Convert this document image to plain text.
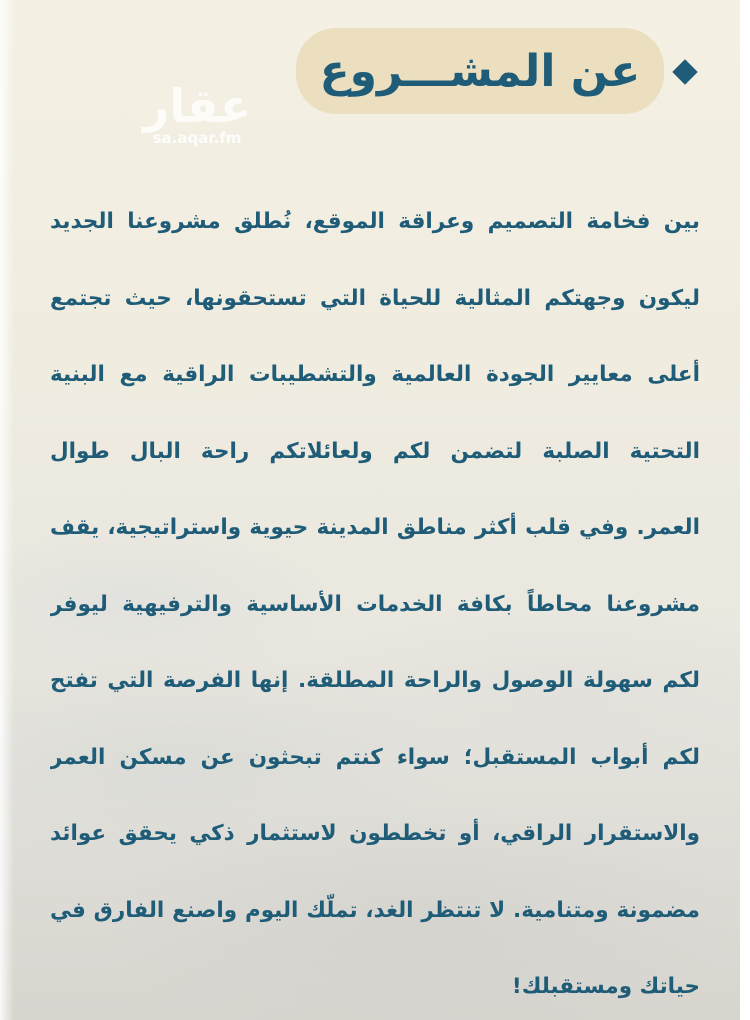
عقار
sa.aqar.fm
عن المشـــروع
بين فخامة التصميم وعراقة الموقع، نُطلق مشروعنا الجديد
ليكون وجهتكم المثالية للحياة التي تستحقونها، حيث تجتمع
أعلى معايير الجودة العالمية والتشطيبات الراقية مع البنية
التحتية الصلبة لتضمن لكم ولعائلاتكم راحة البال طوال
العمر. وفي قلب أكثر مناطق المدينة حيوية واستراتيجية، يقف
مشروعنا محاطاً بكافة الخدمات الأساسية والترفيهية ليوفر
لكم سهولة الوصول والراحة المطلقة. إنها الفرصة التي تفتح
لكم أبواب المستقبل؛ سواء كنتم تبحثون عن مسكن العمر
والاستقرار الراقي، أو تخططون لاستثمار ذكي يحقق عوائد
مضمونة ومتنامية. لا تنتظر الغد، تملّك اليوم واصنع الفارق في
حياتك ومستقبلك!
